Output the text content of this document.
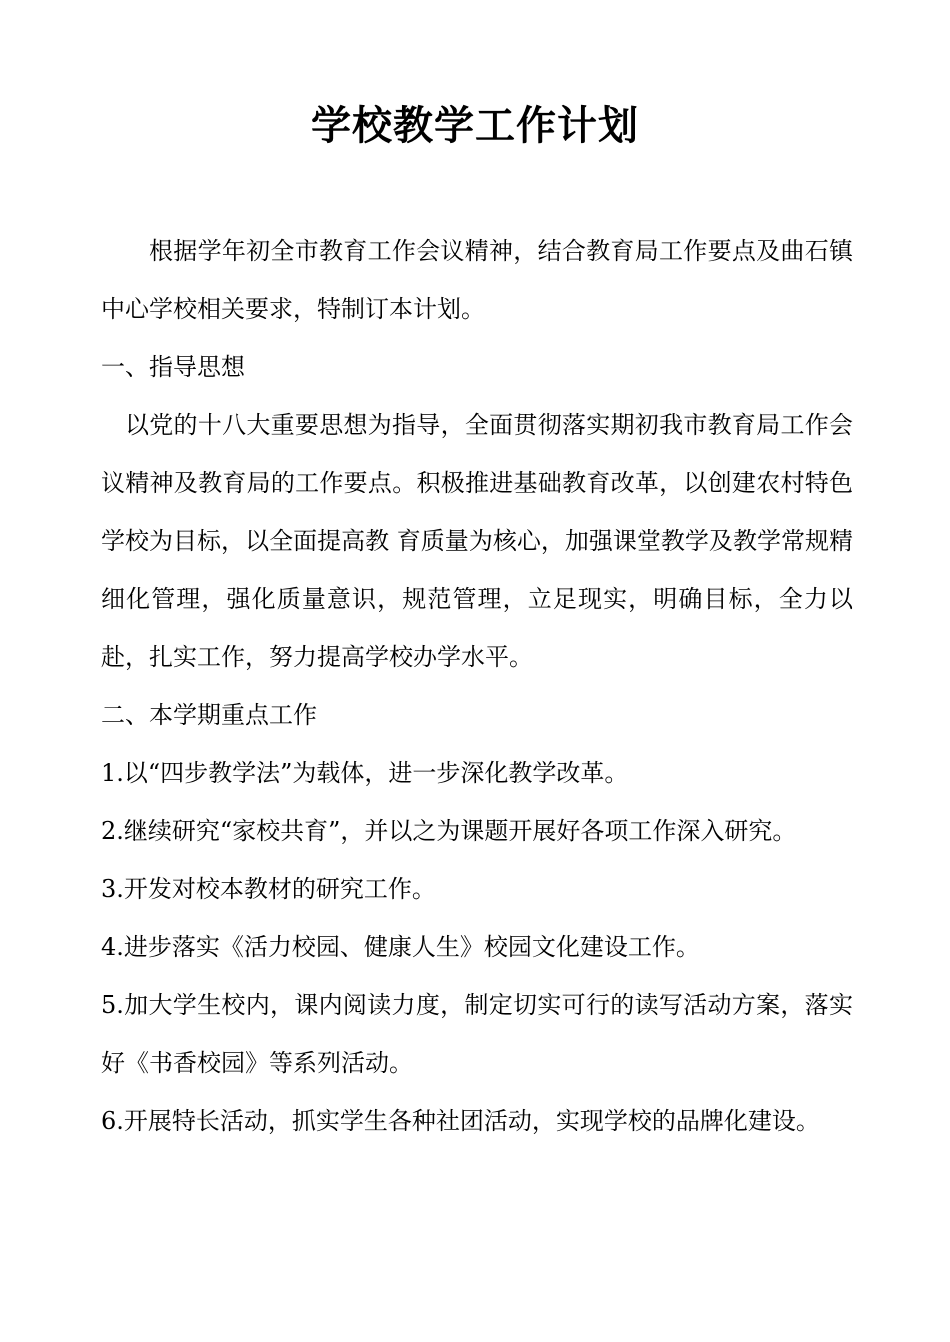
学校教学工作计划

根据学年初全市教育工作会议精神，结合教育局工作要点及曲石镇中心学校相关要求，特制订本计划。

一、指导思想

以党的十八大重要思想为指导，全面贯彻落实期初我市教育局工作会议精神及教育局的工作要点。积极推进基础教育改革，以创建农村特色学校为目标，以全面提高教 育质量为核心，加强课堂教学及教学常规精细化管理，强化质量意识，规范管理，立足现实，明确目标，全力以赴，扎实工作，努力提高学校办学水平。

二、本学期重点工作

1.以“四步教学法”为载体，进一步深化教学改革。

2.继续研究“家校共育”，并以之为课题开展好各项工作深入研究。

3.开发对校本教材的研究工作。

4.进步落实《活力校园、健康人生》校园文化建设工作。

5.加大学生校内，课内阅读力度，制定切实可行的读写活动方案，落实好《书香校园》等系列活动。

6.开展特长活动，抓实学生各种社团活动，实现学校的品牌化建设。
